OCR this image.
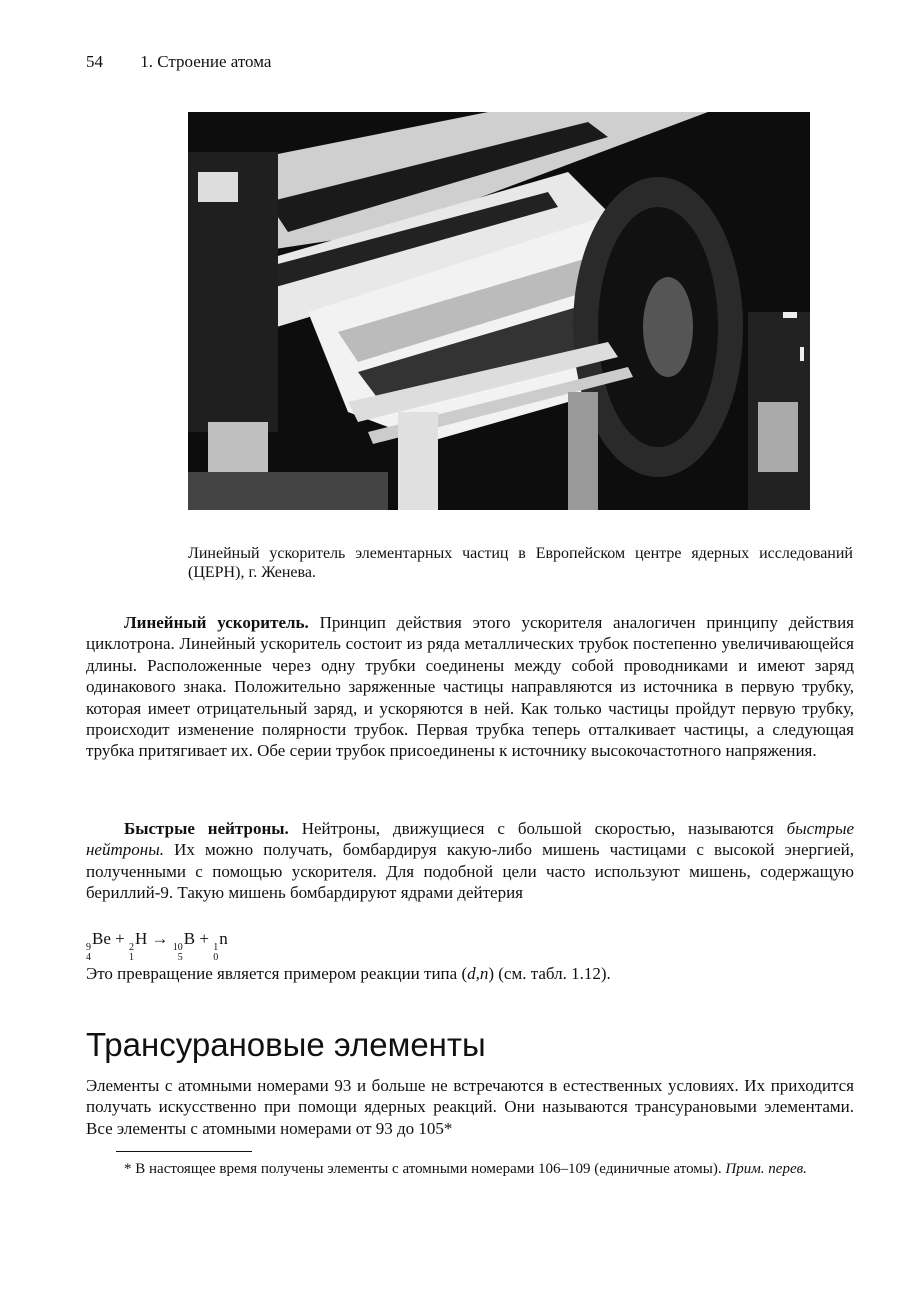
54 1. Строение атома
Линейный ускоритель элементарных частиц в Европейском центре ядерных исследований (ЦЕРН), г. Женева.
Линейный ускоритель. Принцип действия этого ускорителя аналогичен принципу действия циклотрона. Линейный ускоритель состоит из ряда металлических трубок постепенно увеличивающейся длины. Расположенные через одну трубки соединены между собой проводниками и имеют заряд одинакового знака. Положительно заряженные частицы направляются из источника в первую трубку, которая имеет отрицательный заряд, и ускоряются в ней. Как только частицы пройдут первую трубку, происходит изменение полярности трубок. Первая трубка теперь отталкивает частицы, а следующая трубка притягивает их. Обе серии трубок присоединены к источнику высокочастотного напряжения.
Быстрые нейтроны. Нейтроны, движущиеся с большой скоростью, называются быстрые нейтроны. Их можно получать, бомбардируя какую-либо мишень частицами с высокой энергией, полученными с помощью ускорителя. Для подобной цели часто используют мишень, содержащую бериллий-9. Такую мишень бомбардируют ядрами дейтерия
9
4
Be + 2
1
H → 10
5
B + 1
0
n
Это превращение является примером реакции типа (d,n) (см. табл. 1.12).
Трансурановые элементы
Элементы с атомными номерами 93 и больше не встречаются в естественных условиях. Их приходится получать искусственно при помощи ядерных реакций. Они называются трансурановыми элементами. Все элементы с атомными номерами от 93 до 105*
* В настоящее время получены элементы с атомными номерами 106–109 (единичные атомы). Прим. перев.
